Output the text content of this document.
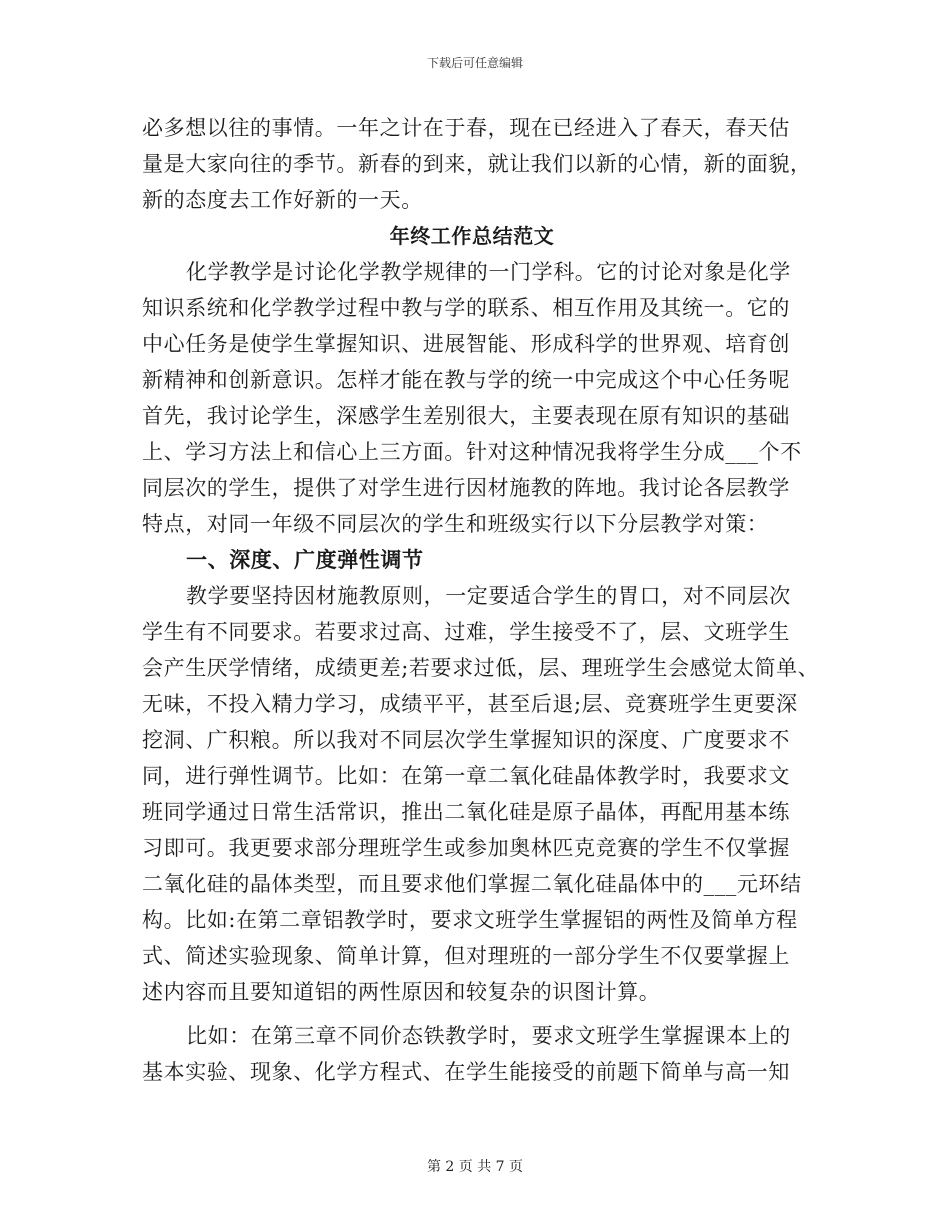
下载后可任意编辑
必多想以往的事情。一年之计在于春，现在已经进入了春天，春天估
量是大家向往的季节。新春的到来，就让我们以新的心情，新的面貌，
新的态度去工作好新的一天。
年终工作总结范文
化学教学是讨论化学教学规律的一门学科。它的讨论对象是化学
知识系统和化学教学过程中教与学的联系、相互作用及其统一。它的
中心任务是使学生掌握知识、进展智能、形成科学的世界观、培育创
新精神和创新意识。怎样才能在教与学的统一中完成这个中心任务呢
首先，我讨论学生，深感学生差别很大，主要表现在原有知识的基础
上、学习方法上和信心上三方面。针对这种情况我将学生分成___个不
同层次的学生，提供了对学生进行因材施教的阵地。我讨论各层教学
特点，对同一年级不同层次的学生和班级实行以下分层教学对策：
一、深度、广度弹性调节
教学要坚持因材施教原则，一定要适合学生的胃口，对不同层次
学生有不同要求。若要求过高、过难，学生接受不了，层、文班学生
会产生厌学情绪，成绩更差;若要求过低，层、理班学生会感觉太简单、
无味，不投入精力学习，成绩平平，甚至后退;层、竞赛班学生更要深
挖洞、广积粮。所以我对不同层次学生掌握知识的深度、广度要求不
同，进行弹性调节。比如：在第一章二氧化硅晶体教学时，我要求文
班同学通过日常生活常识，推出二氧化硅是原子晶体，再配用基本练
习即可。我更要求部分理班学生或参加奥林匹克竞赛的学生不仅掌握
二氧化硅的晶体类型，而且要求他们掌握二氧化硅晶体中的___元环结
构。比如:在第二章铝教学时，要求文班学生掌握铝的两性及简单方程
式、简述实验现象、简单计算，但对理班的一部分学生不仅要掌握上
述内容而且要知道铝的两性原因和较复杂的识图计算。
比如：在第三章不同价态铁教学时，要求文班学生掌握课本上的
基本实验、现象、化学方程式、在学生能接受的前题下简单与高一知
第 2 页 共 7 页
